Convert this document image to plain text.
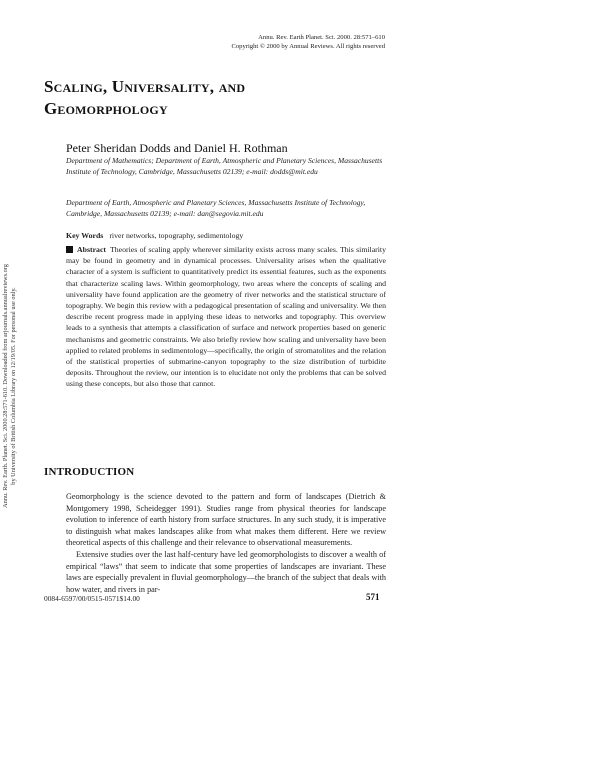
Annu. Rev. Earth Planet. Sci. 2000. 28:571–610
Copyright © 2000 by Annual Reviews. All rights reserved
Scaling, Universality, and
Geomorphology
Peter Sheridan Dodds and Daniel H. Rothman
Department of Mathematics; Department of Earth, Atmospheric and Planetary Sciences, Massachusetts Institute of Technology, Cambridge, Massachusetts 02139; e-mail: dodds@mit.edu
Department of Earth, Atmospheric and Planetary Sciences, Massachusetts Institute of Technology, Cambridge, Massachusetts 02139; e-mail: dan@segovia.mit.edu
Key Words river networks, topography, sedimentology
Abstract Theories of scaling apply wherever similarity exists across many scales. This similarity may be found in geometry and in dynamical processes. Universality arises when the qualitative character of a system is sufficient to quantitatively predict its essential features, such as the exponents that characterize scaling laws. Within geomorphology, two areas where the concepts of scaling and universality have found application are the geometry of river networks and the statistical structure of topography. We begin this review with a pedagogical presentation of scaling and universality. We then describe recent progress made in applying these ideas to networks and topography. This overview leads to a synthesis that attempts a classification of surface and network properties based on generic mechanisms and geometric constraints. We also briefly review how scaling and universality have been applied to related problems in sedimentology—specifically, the origin of stromatolites and the relation of the statistical properties of submarine-canyon topography to the size distribution of turbidite deposits. Throughout the review, our intention is to elucidate not only the problems that can be solved using these concepts, but also those that cannot.
Annu. Rev. Earth. Planet. Sci. 2000.28:571-610. Downloaded from arjournals.annualreviews.org by University of British Columbia Library on 12/19/05. For personal use only. INTRODUCTION

Geomorphology is the science devoted to the pattern and form of landscapes (Dietrich & Montgomery 1998, Scheidegger 1991). Studies range from physical theories for landscape evolution to inference of earth history from surface structures. In any such study, it is imperative to distinguish what makes landscapes alike from what makes them different. Here we review theoretical aspects of this challenge and their relevance to observational measurements.

Extensive studies over the last half-century have led geomorphologists to discover a wealth of empirical “laws” that seem to indicate that some properties of landscapes are invariant. These laws are especially prevalent in fluvial geomorphology—the branch of the subject that deals with how water, and rivers in par-

0084-6597/00/0515-0571$14.00	571
